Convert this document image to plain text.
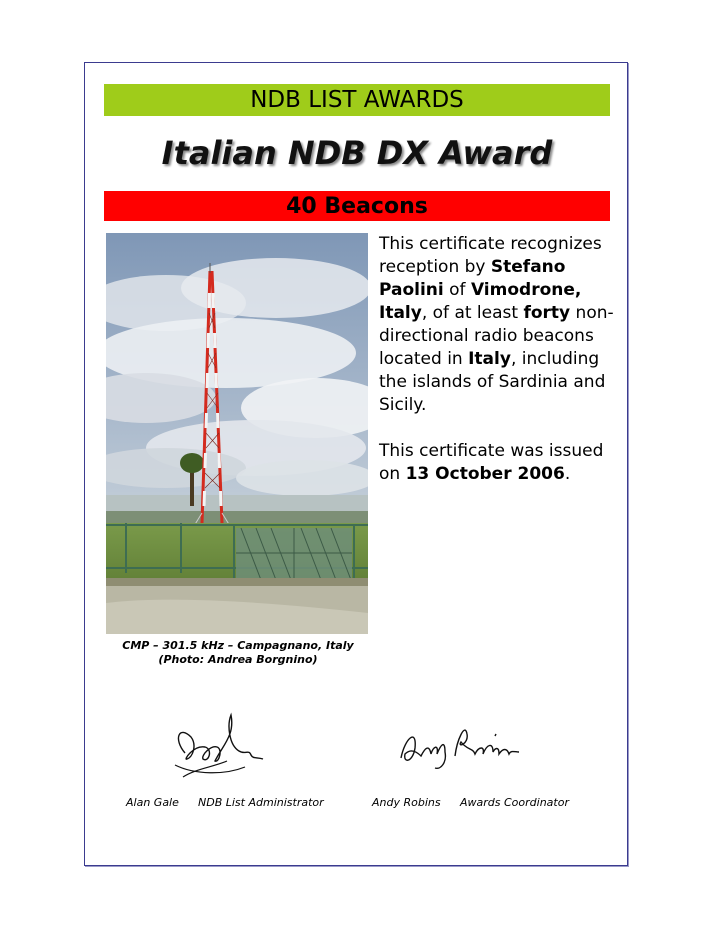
NDB LIST AWARDS
Italian NDB DX Award
40 Beacons
CMP – 301.5 kHz – Campagnano, Italy
(Photo: Andrea Borgnino)

This certificate recognizes reception by Stefano Paolini of Vimodrone, Italy, of at least forty non-directional radio beacons located in Italy, including the islands of Sardinia and Sicily.

This certificate was issued on 13 October 2006.

Alan Gale NDB List Administrator	Andy Robins Awards Coordinator
